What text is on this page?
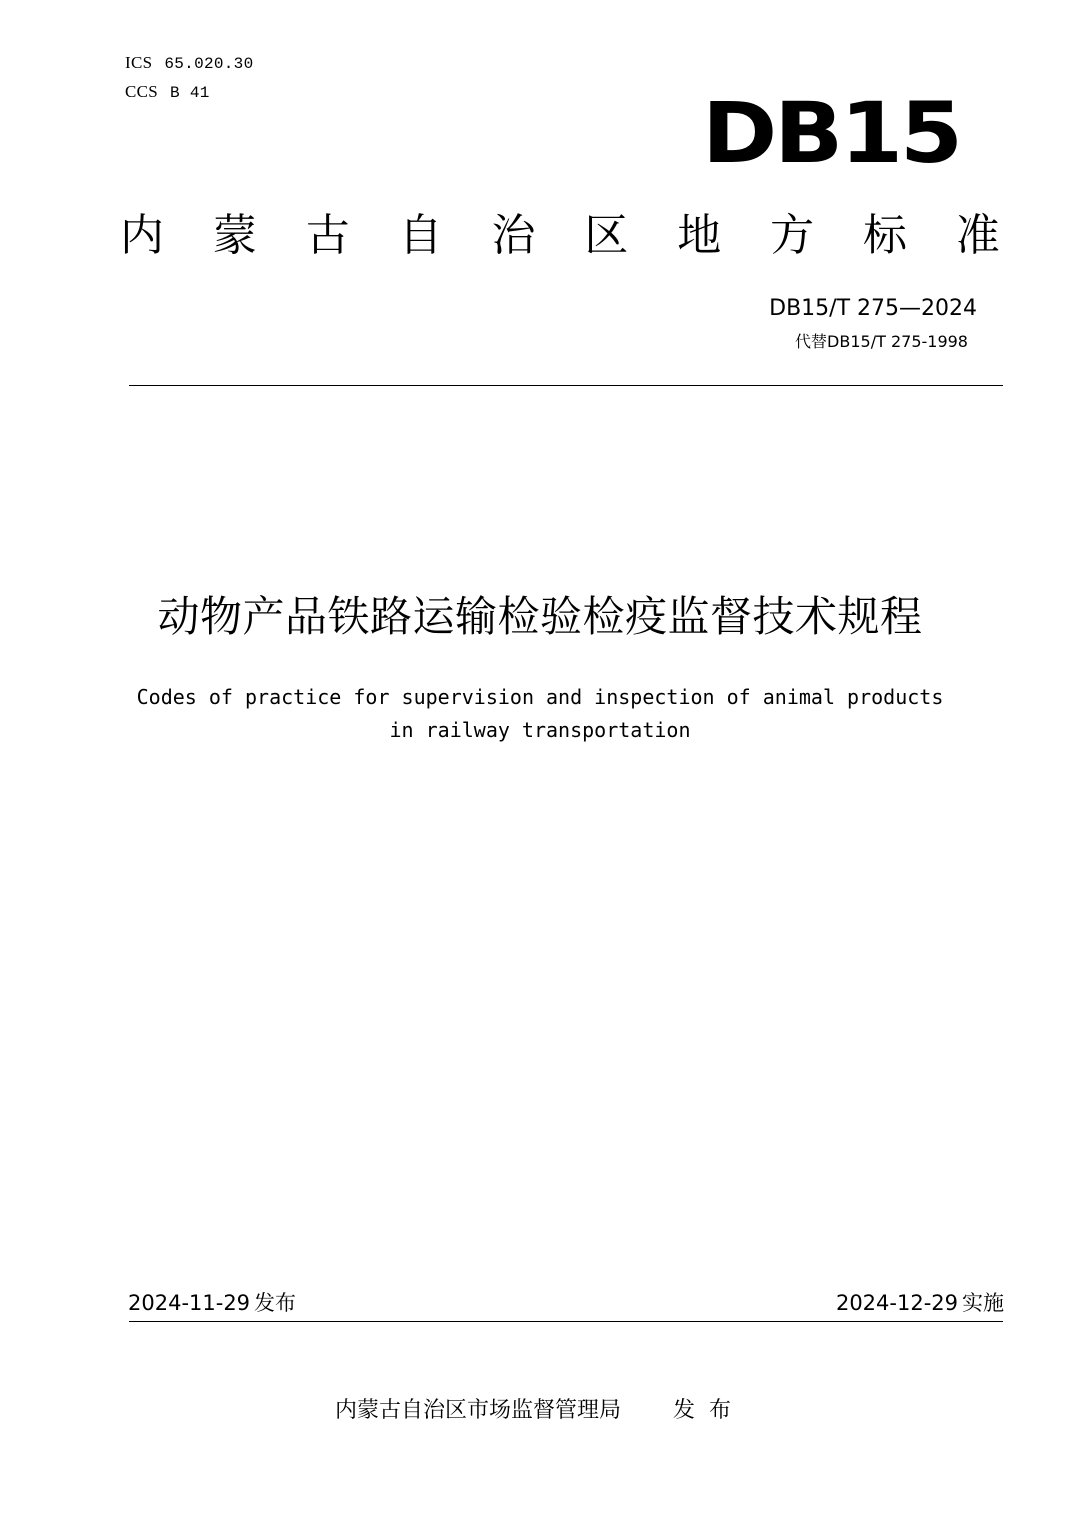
ICS 65.020.30
CCS B 41	DB15
内 蒙 古 自 治 区 地 方 标 准
DB15/T 275—2024
代替DB15/T 275-1998
动物产品铁路运输检验检疫监督技术规程
Codes of practice for supervision and inspection of animal products
in railway transportation
2024-11-29 发布	2024-12-29 实施
内蒙古自治区市场监督管理局 发布
